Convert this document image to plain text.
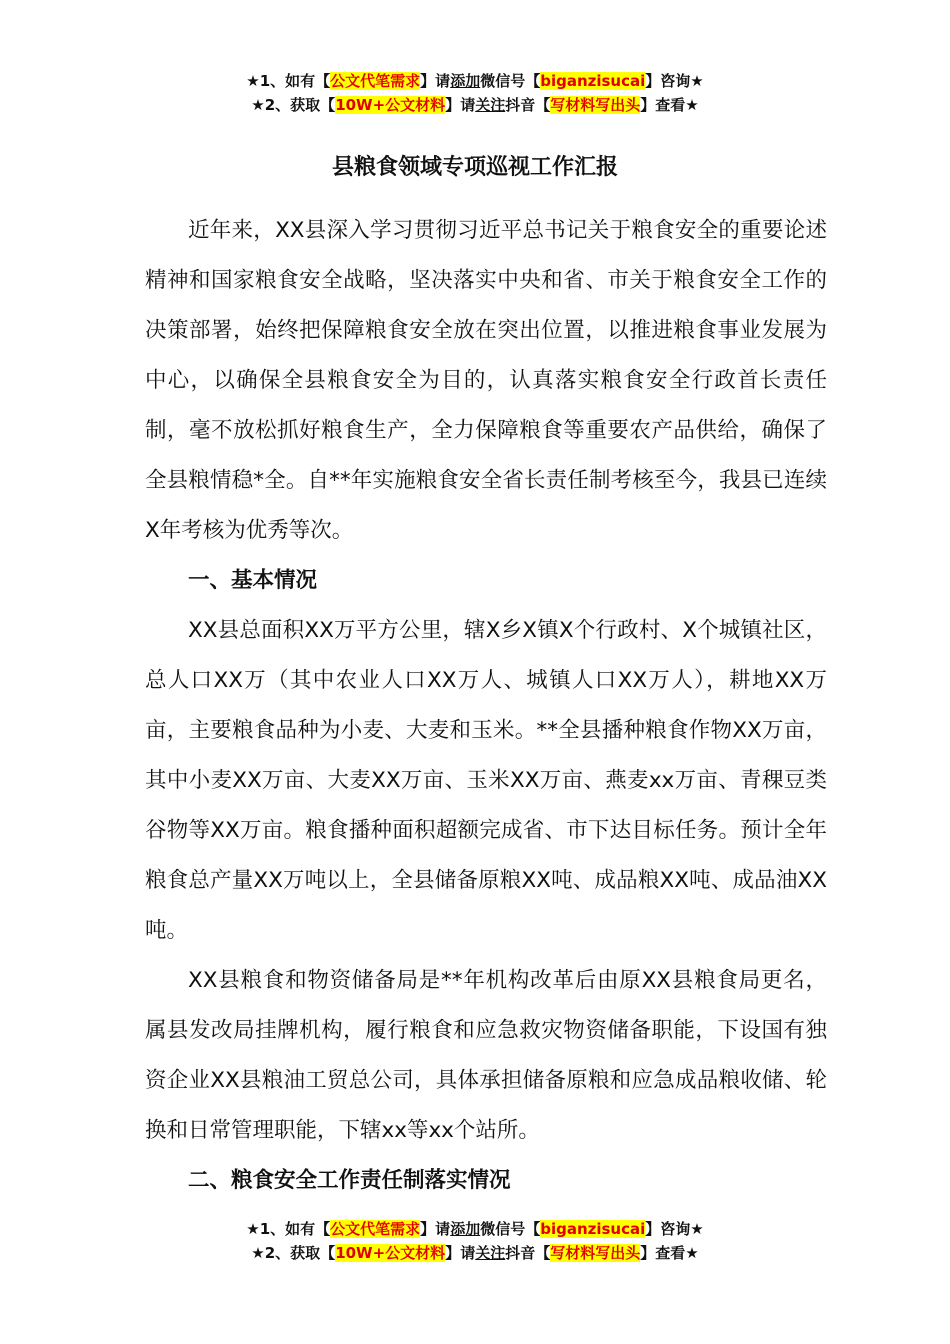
★1、如有【公文代笔需求】请添加微信号【biganzisucai】咨询★
★2、获取【10W+公文材料】请关注抖音【写材料写出头】查看★
县粮食领域专项巡视工作汇报

近年来，XX县深入学习贯彻习近平总书记关于粮食安全的重要论述精神和国家粮食安全战略，坚决落实中央和省、市关于粮食安全工作的决策部署，始终把保障粮食安全放在突出位置，以推进粮食事业发展为中心，以确保全县粮食安全为目的，认真落实粮食安全行政首长责任制，毫不放松抓好粮食生产，全力保障粮食等重要农产品供给，确保了全县粮情稳*全。自**年实施粮食安全省长责任制考核至今，我县已连续X年考核为优秀等次。

一、基本情况

XX县总面积XX万平方公里，辖X乡X镇X个行政村、X个城镇社区，总人口XX万（其中农业人口XX万人、城镇人口XX万人），耕地XX万亩，主要粮食品种为小麦、大麦和玉米。**全县播种粮食作物XX万亩，其中小麦XX万亩、大麦XX万亩、玉米XX万亩、燕麦xx万亩、青稞豆类谷物等XX万亩。粮食播种面积超额完成省、市下达目标任务。预计全年粮食总产量XX万吨以上，全县储备原粮XX吨、成品粮XX吨、成品油XX吨。

XX县粮食和物资储备局是**年机构改革后由原XX县粮食局更名，属县发改局挂牌机构，履行粮食和应急救灾物资储备职能，下设国有独资企业XX县粮油工贸总公司，具体承担储备原粮和应急成品粮收储、轮换和日常管理职能，下辖xx等xx个站所。

二、粮食安全工作责任制落实情况
★1、如有【公文代笔需求】请添加微信号【biganzisucai】咨询★
★2、获取【10W+公文材料】请关注抖音【写材料写出头】查看★
